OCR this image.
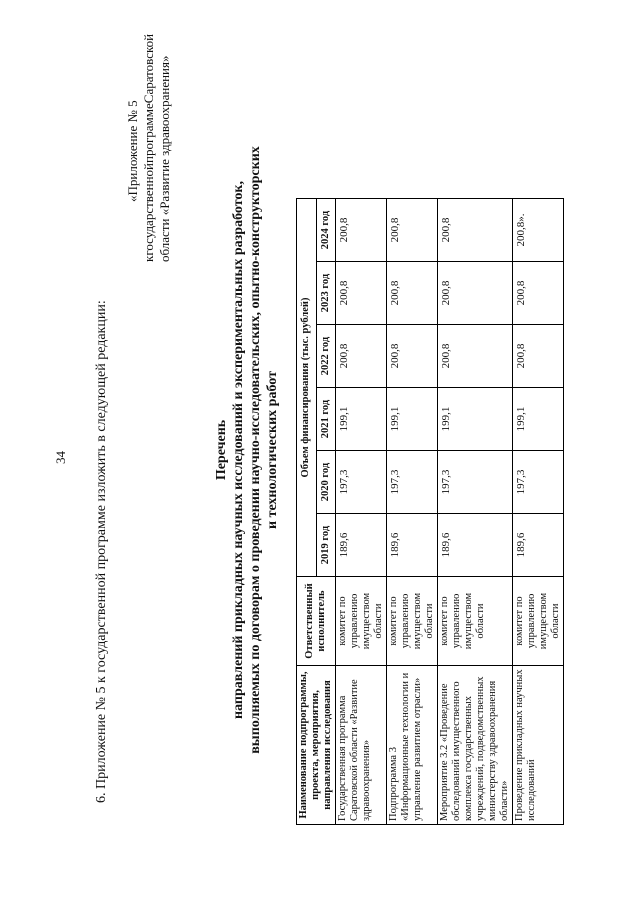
34 6. Приложение № 5 к государственной программе изложить в следующей редакции:
«Приложение № 5
к
государственной
программе
Саратовской области «Развитие здравоохранения»
Перечень направлений прикладных научных исследований и экспериментальных разработок, выполняемых по договорам о проведении научно-исследовательских, опытно-конструкторских и технологических работ
Наименование подпрограммы, проекта, мероприятия, направления исследования	Ответственный исполнитель	Объем финансирования (тыс. рублей)					
		2019 год	2020 год	2021 год	2022 год	2023 год	2024 год
Государственная программа Саратовской области «Развитие здравоохранения»	комитет по управлению имуществом области	189,6	197,3	199,1	200,8	200,8	200,8
Подпрограмма 3 «Информационные технологии и управление развитием отрасли»	комитет по управлению имуществом области	189,6	197,3	199,1	200,8	200,8	200,8
Мероприятие 3.2 «Проведение обследований имущественного комплекса государственных учреждений, подведомственных министерству здравоохранения области»	комитет по управлению имуществом области	189,6	197,3	199,1	200,8	200,8	200,8
Проведение прикладных научных исследований	комитет по управлению имуществом области	189,6	197,3	199,1	200,8	200,8	200,8».
